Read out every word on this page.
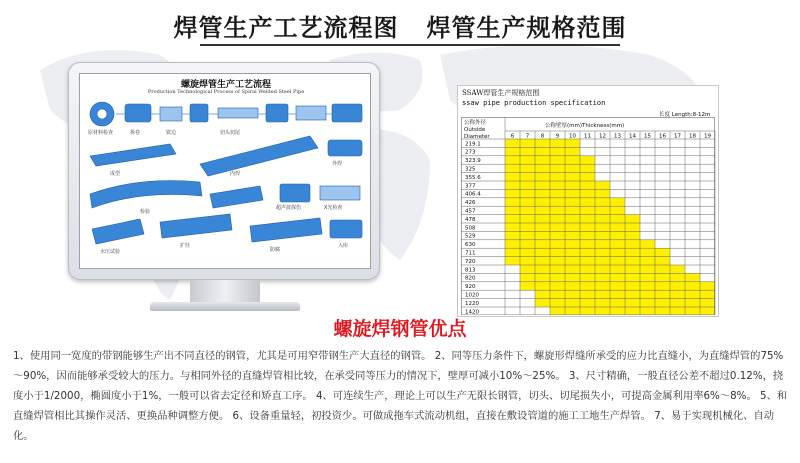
焊管生产工艺流程图   焊管生产规格范围
螺旋焊管生产工艺流程
Production Technological Process of Spiral Welded Steel Pipe
原材料检查	拆卷	铣边	切头切尾
成型	内焊
外焊
检验
超声波探伤	X光检查
水压试验
扩径
防腐
入库
SSAW焊管生产规格范围
ssaw pipe production specification
长度 Length:8-12m
公称壁厚(mm)Thickness(mm)
公称外径
Outside
Diameter	6 7 8 9 10 11 12 13 14 15 16 17 18 19
219.1
273
323.9
325
355.6
377
406.4
426
457
478
508
529
630
711
720
813
820
920
1020
1220
1420
螺旋焊钢管优点
1、使用同一宽度的带钢能够生产出不同直径的钢管，尤其是可用窄带钢生产大直径的钢管。 2、同等压力条件下，螺旋形焊缝所承受的应力比直缝小，为直缝焊管的75%～90%，因而能够承受较大的压力。与相同外径的直缝焊管相比较，在承受同等压力的情况下，壁厚可减小10%～25%。 3、尺寸精确，一般直径公差不超过0.12%，挠度小于1/2000，椭圆度小于1%，一般可以省去定径和矫直工序。 4、可连续生产，理论上可以生产无限长钢管，切头、切尾损失小，可提高金属利用率6%～8%。 5、和直缝焊管相比其操作灵活、更换品种调整方便。 6、设备重量轻，初投资少。可做成拖车式流动机组，直接在敷设管道的施工工地生产焊管。 7、易于实现机械化、自动化。
